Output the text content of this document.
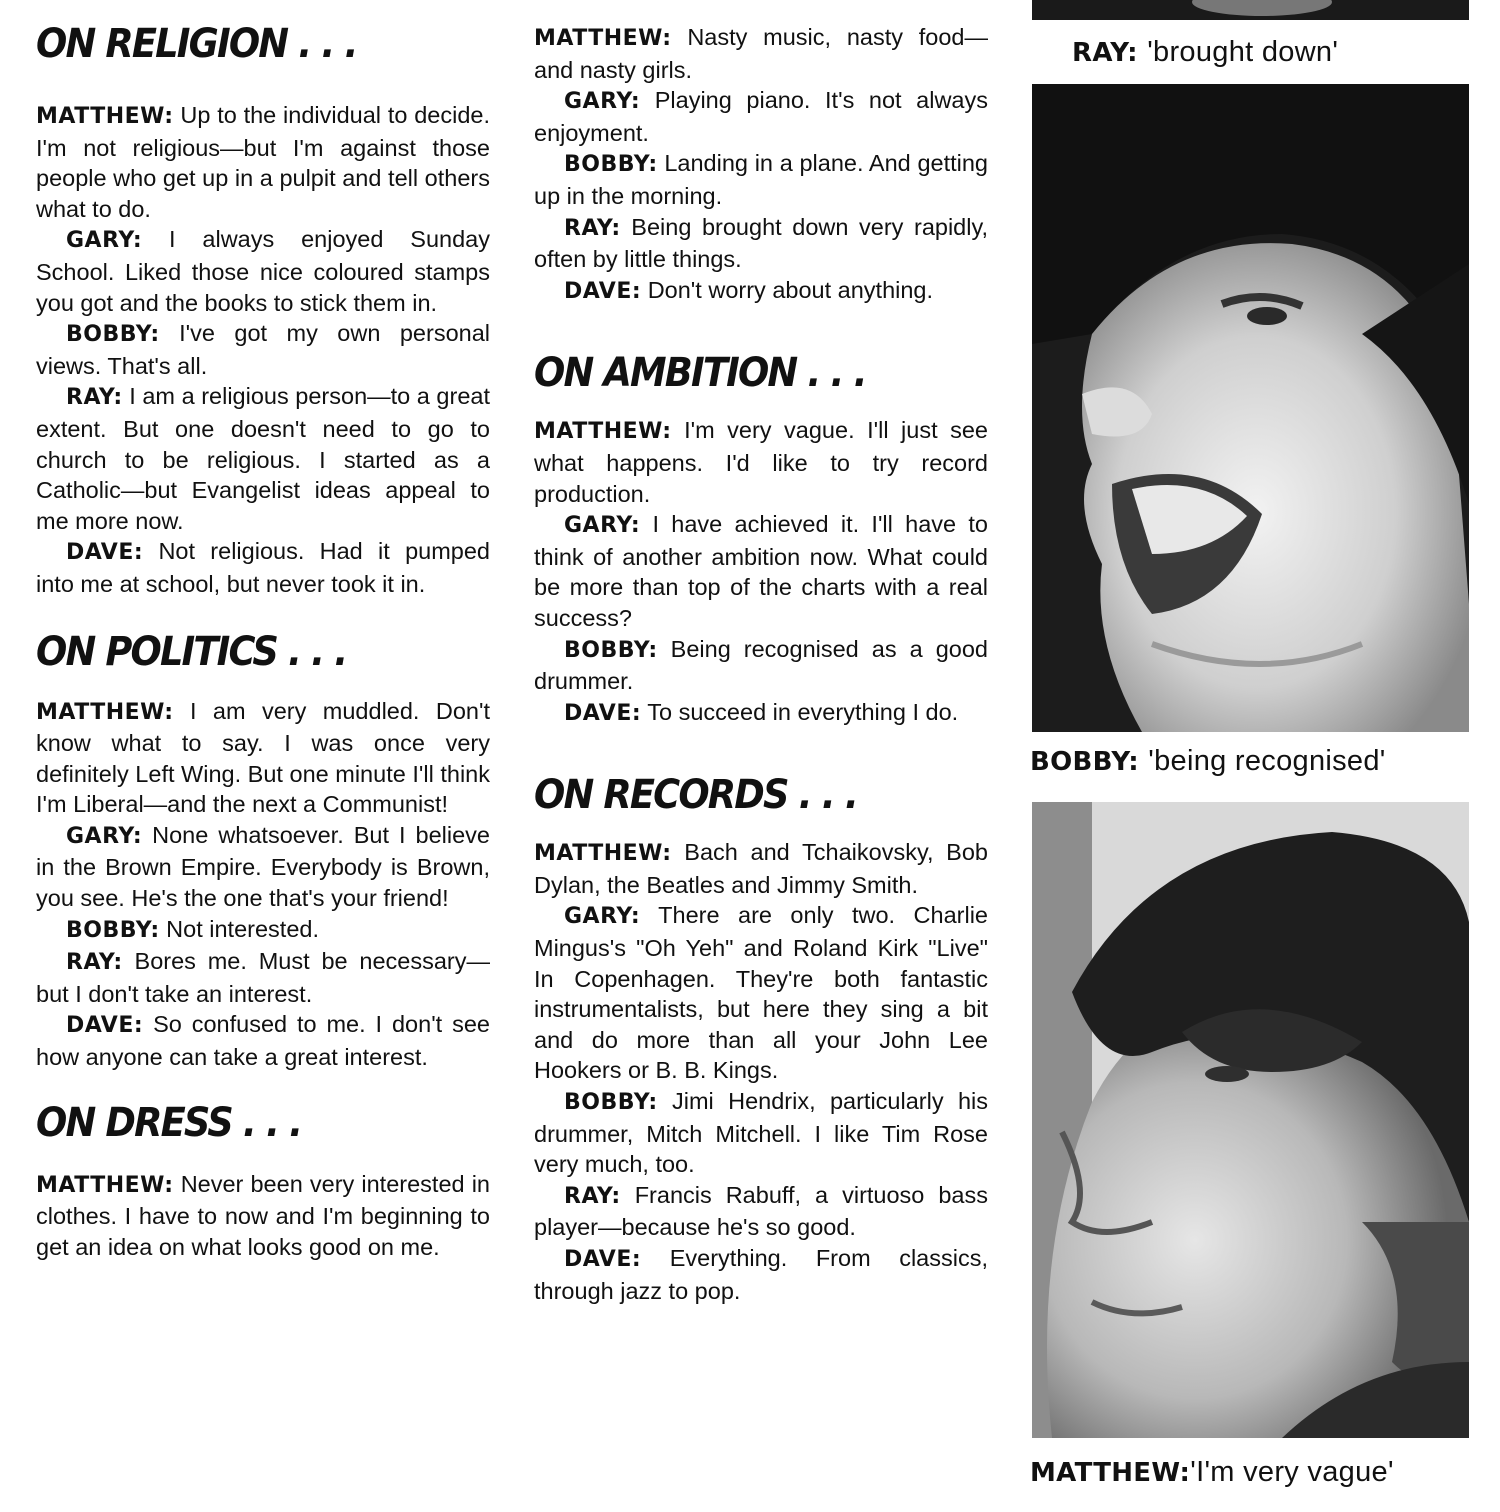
ON RELIGION . . .

MATTHEW: Up to the individual to decide. I'm not religious—but I'm against those people who get up in a pulpit and tell others what to do.

GARY: I always enjoyed Sunday School. Liked those nice coloured stamps you got and the books to stick them in.

BOBBY: I've got my own personal views. That's all.

RAY: I am a religious person—to a great extent. But one doesn't need to go to church to be religious. I started as a Catholic—but Evangelist ideas appeal to me more now.

DAVE: Not religious. Had it pumped into me at school, but never took it in.

ON POLITICS . . .

MATTHEW: I am very muddled. Don't know what to say. I was once very definitely Left Wing. But one minute I'll think I'm Liberal—and the next a Communist!

GARY: None whatsoever. But I believe in the Brown Empire. Everybody is Brown, you see. He's the one that's your friend!

BOBBY: Not interested.

RAY: Bores me. Must be necessary—but I don't take an interest.

DAVE: So confused to me. I don't see how anyone can take a great interest.

ON DRESS . . .

MATTHEW: Never been very interested in clothes. I have to now and I'm beginning to get an idea on what looks good on me.

MATTHEW: Nasty music, nasty food—and nasty girls.

GARY: Playing piano. It's not always enjoyment.

BOBBY: Landing in a plane. And getting up in the morning.

RAY: Being brought down very rapidly, often by little things.

DAVE: Don't worry about anything.

ON AMBITION . . .

MATTHEW: I'm very vague. I'll just see what happens. I'd like to try record production.

GARY: I have achieved it. I'll have to think of another ambition now. What could be more than top of the charts with a real success?

BOBBY: Being recognised as a good drummer.

DAVE: To succeed in everything I do.

ON RECORDS . . .

MATTHEW: Bach and Tchaikovsky, Bob Dylan, the Beatles and Jimmy Smith.

GARY: There are only two. Charlie Mingus's "Oh Yeh" and Roland Kirk "Live" In Copenhagen. They're both fantastic instrumentalists, but here they sing a bit and do more than all your John Lee Hookers or B. B. Kings.

BOBBY: Jimi Hendrix, particularly his drummer, Mitch Mitchell. I like Tim Rose very much, too.

RAY: Francis Rabuff, a virtuoso bass player—because he's so good.

DAVE: Everything. From classics, through jazz to pop.

RAY: 'brought down'
BOBBY: 'being recognised'
MATTHEW:'I'm very vague'
